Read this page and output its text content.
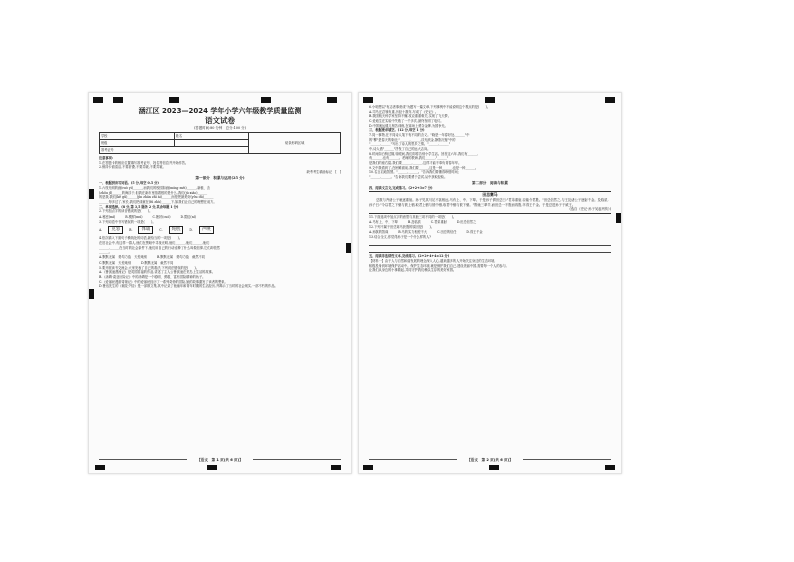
涵江区 2023—2024 学年小学六年级教学质量监测
语文试卷
(答题时间:80 分钟　总分:100 分)
学校	姓名	贴条形码区域
班级		
准考证号		
注意事项:
1.在答题卡的相应位置填写准考证号、姓名等信息并开始作答。
2.保持卡面清洁,不要折叠,不要弄破,不要弄皱。
缺考考生填涂标记　[　]
第一部分　积累与运用(25 分)
一、根据拼音写词语。(5 分,每空 0.5 分)
1.六枝光明的画(ruò yì)______,而我们的校园如画(míng mèi)______,新植、含
(zhǒu jǐ)______的海浮于,但我在新市里指着根的是什么,我们(jù xiǎo)______
的是我,我们(kě gǔ)______(jīn zhǎn zhī ài)______而是把最美好(yǒu dú)______
______每多过了,家长,我们把成就在(fú zhù)______下,如我们让自己的理想在前方。
二、单项选择。(8 分,第 3,5 题各 2 分,其余每题 1 分)
2.下列加点字的读音错误的是(　　)。
A.秘密(mì)	B.模样(mú)	C.挫折(cuò)	D.霓虹(ní)
3.下列词语中书写错误的一项是(　　)。
A.	克怒	B.	体诵	C.	炖糕	D.	声唤
4.依次填入下面句子横线处的词语,最恰当的一项是(　　)。
在旧社会中,有这样一群人,他们在黑暗中寻找光明,他们______,他们______,他们
______,______在当时的社会条件下,他们用自己的行动诠释了什么叫做信仰,它们却依然
______。
A.默默无闻　势均力敌　天差地别	B.默默无闻　势均力敌　截然不同
C.默默无闻　天差地别	D.默默无闻　截然不同
5.要开展读书交流会,大家发表了自己的看法,下列说法错误的是(　　)。
A.《鲁滨逊漂流记》是英国笛福的作品,讲述了主人公鲁滨逊在荒岛上生活的故事。
B.《汤姆·索亚历险记》中的汤姆是一个聪明、勇敢、富有冒险精神的孩子。
C.《爱丽丝漫游奇境记》中的爱丽丝经历了一系列奇妙的冒险,她的故事激发了读者的想象。
D.鲁迅先生的《朝花夕拾》是一部散文集,其中记录了他童年和青年时期的生活经历,并揭示了当时的社会现实,一部不朽的作品。
【语文　第 1 页(共 6 页)】
6.小明想以"有志者事竟成"为题写一篇文章,下列事例中不能说明这个观点的是(　　)。
A.司马迁忍辱负重,历经十数年,写成了《史记》。
B.我国航天科学家坚持不懈,攻克重重难关,实现了飞天梦。
C.爱迪生在实验中失败了一千多次,最终发明了电灯。
D.中国奥运健儿刻苦训练,在赛场上勇夺金牌,为国争光。
三、根据要求填空。(12 分,每空 1 分)
7.同一事物,在不同诗人笔下有不同的含义。"晓是一年春好处,______"中
的"柳"是春天的象征;"______,______,浮光跃金,静影沉璧"中的
"______,______"写出了诗人的思乡之情。"______,______"
中,诗人借"______"抒发了自己的远大志向。
8.时间如白驹过隙,转眼间,我们即将告别小学生活。回首这六年,我们有______,
有______,也有______。老师的教诲,我们______,"______"
是我们的座右铭,我们要______,______,这样才能不辜负青春年华。
9.文中我看到了,在困难面前,我们要______,这是一种______,也是一种______。
10.名言启迪智慧。"______,______。"告诉我们要懂得珍惜时间;
"______,______。"告诉我们要勇于尝试,从中获取经验。
第二部分　阅读与积累
四、阅读文言文,完成练习。(2+2+3=7 分)
田忌赛马

忌数与齐诸公子驰逐重射。孙子见其马足不甚相远,马有上、中、下辈。于是孙子谓田忌曰:"君弟重射,臣能令君胜。"田忌信然之,与王及诸公子逐射千金。及临质,孙子曰:"今以君之下驷与彼上驷,取君上驷与彼中驷,取君中驷与彼下驷。"既驰三辈毕,而田忌一不胜而再胜,卒得王千金。于是忌进孙子于威王。

(选自《史记·孙子吴起列传》)
11.下面选项中加点字的意思与其他三项不同的一项是(　　)。
A.马有上、中、下辈	B.及临质	C.君弟重射	D.田忌信然之
12.下列不属于田忌赛马获胜的原因是(　　)。
A.孙膑的智谋	B.马的实力相差不大	C.田忌的信任	D.得王千金
13.结合全文,你觉得孙子是一个什么样的人?
五、阅读非连续性文本,完成练习。(2+2+4+4=12 分)
【材料一】由于人与自然和谐发展的理念深入人心,越来越多的人开始关注身边的生态环境,
积极投身到环境保护活动中。保护生态环境,就是保护我们自己,建设美丽中国,需要每一个人的参与,
让我们从身边的小事做起,共同守护我们赖以生存的美好家园。
【语文　第 2 页(共 6 页)】
